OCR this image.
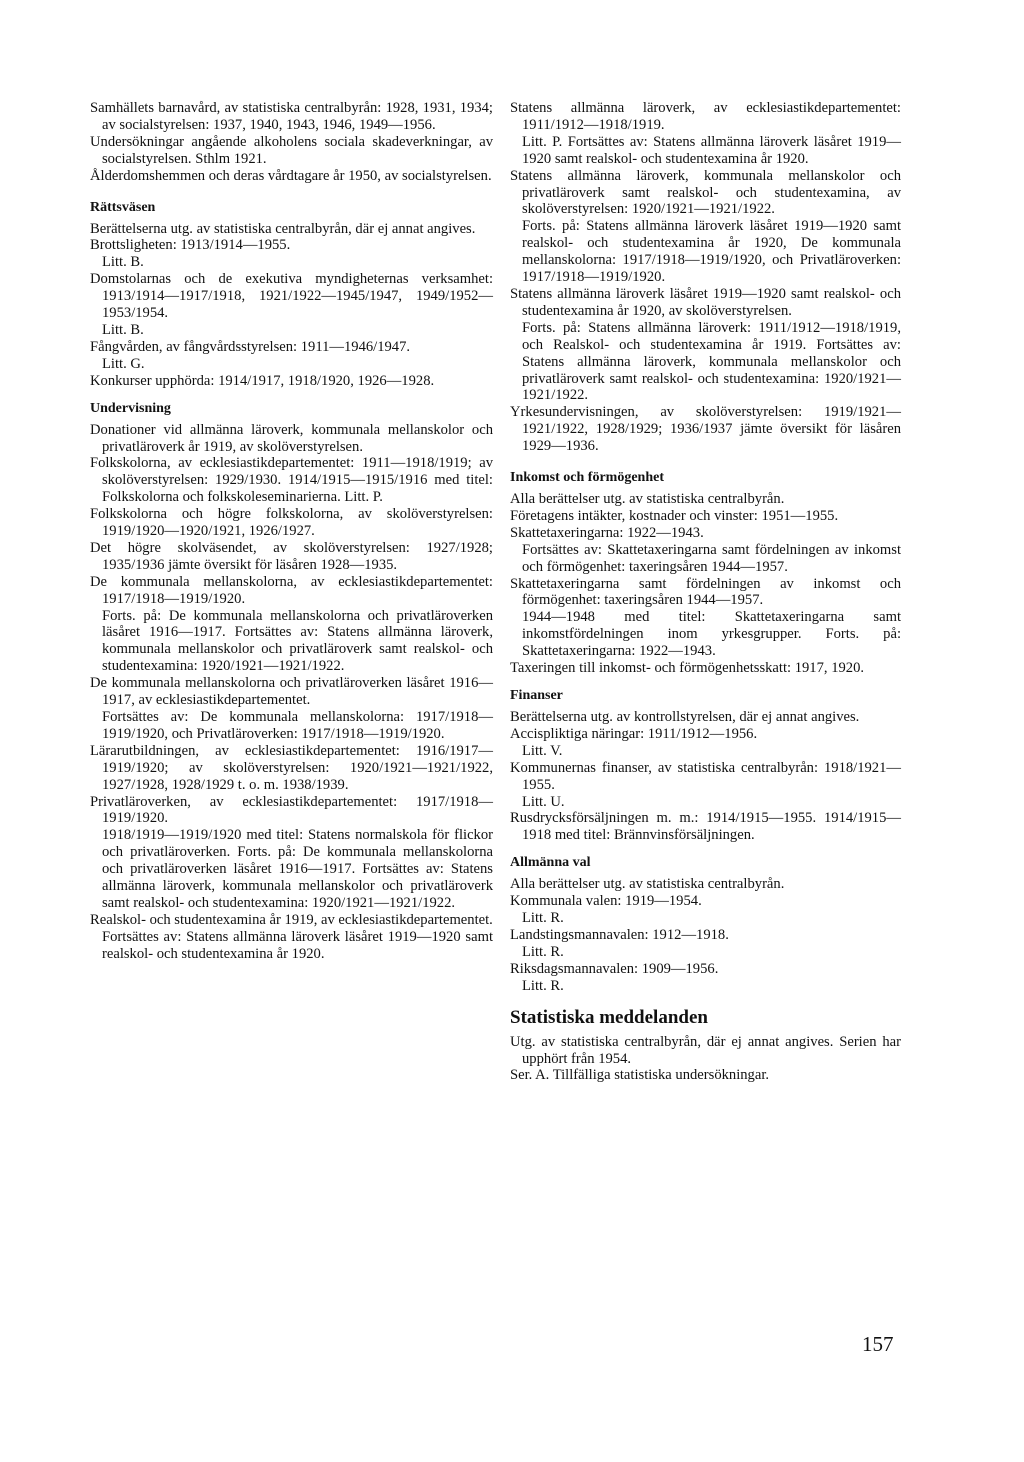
Samhällets barnavård, av statistiska centralbyrån: 1928, 1931, 1934; av socialstyrelsen: 1937, 1940, 1943, 1946, 1949—1956.
Undersökningar angående alkoholens sociala skadeverkningar, av socialstyrelsen. Sthlm 1921.
Ålderdomshemmen och deras vårdtagare år 1950, av socialstyrelsen.
Rättsväsen
Berättelserna utg. av statistiska centralbyrån, där ej annat angives.
Brottsligheten: 1913/1914—1955.
Litt. B.
Domstolarnas och de exekutiva myndigheternas verksamhet: 1913/1914—1917/1918, 1921/1922—1945/1947, 1949/1952—1953/1954.
Litt. B.
Fångvården, av fångvårdsstyrelsen: 1911—1946/1947.
Litt. G.
Konkurser upphörda: 1914/1917, 1918/1920, 1926—1928.
Undervisning
Donationer vid allmänna läroverk, kommunala mellanskolor och privatläroverk år 1919, av skolöverstyrelsen.
Folkskolorna, av ecklesiastikdepartementet: 1911—1918/1919; av skolöverstyrelsen: 1929/1930. 1914/1915—1915/1916 med titel: Folkskolorna och folkskoleseminarierna. Litt. P.
Folkskolorna och högre folkskolorna, av skolöverstyrelsen: 1919/1920—1920/1921, 1926/1927.
Det högre skolväsendet, av skolöverstyrelsen: 1927/1928; 1935/1936 jämte översikt för läsåren 1928—1935.
De kommunala mellanskolorna, av ecklesiastikdepartementet: 1917/1918—1919/1920.
Forts. på: De kommunala mellanskolorna och privatläroverken läsåret 1916—1917. Fortsättes av: Statens allmänna läroverk, kommunala mellanskolor och privatläroverk samt realskol- och studentexamina: 1920/1921—1921/1922.
De kommunala mellanskolorna och privatläroverken läsåret 1916—1917, av ecklesiastikdepartementet.
Fortsättes av: De kommunala mellanskolorna: 1917/1918—1919/1920, och Privatläroverken: 1917/1918—1919/1920.
Lärarutbildningen, av ecklesiastikdepartementet: 1916/1917—1919/1920; av skolöverstyrelsen: 1920/1921—1921/1922, 1927/1928, 1928/1929 t. o. m. 1938/1939.
Privatläroverken, av ecklesiastikdepartementet: 1917/1918—1919/1920.
1918/1919—1919/1920 med titel: Statens normalskola för flickor och privatläroverken. Forts. på: De kommunala mellanskolorna och privatläroverken läsåret 1916—1917. Fortsättes av: Statens allmänna läroverk, kommunala mellanskolor och privatläroverk samt realskol- och studentexamina: 1920/1921—1921/1922.
Realskol- och studentexamina år 1919, av ecklesiastikdepartementet.
Fortsättes av: Statens allmänna läroverk läsåret 1919—1920 samt realskol- och studentexamina år 1920.
Statens allmänna läroverk, av ecklesiastikdepartementet: 1911/1912—1918/1919.
Litt. P. Fortsättes av: Statens allmänna läroverk läsåret 1919—1920 samt realskol- och studentexamina år 1920.
Statens allmänna läroverk, kommunala mellanskolor och privatläroverk samt realskol- och studentexamina, av skolöverstyrelsen: 1920/1921—1921/1922.
Forts. på: Statens allmänna läroverk läsåret 1919—1920 samt realskol- och studentexamina år 1920, De kommunala mellanskolorna: 1917/1918—1919/1920, och Privatläroverken: 1917/1918—1919/1920.
Statens allmänna läroverk läsåret 1919—1920 samt realskol- och studentexamina år 1920, av skolöverstyrelsen.
Forts. på: Statens allmänna läroverk: 1911/1912—1918/1919, och Realskol- och studentexamina år 1919. Fortsättes av: Statens allmänna läroverk, kommunala mellanskolor och privatläroverk samt realskol- och studentexamina: 1920/1921—1921/1922.
Yrkesundervisningen, av skolöverstyrelsen: 1919/1921—1921/1922, 1928/1929; 1936/1937 jämte översikt för läsåren 1929—1936.
Inkomst och förmögenhet
Alla berättelser utg. av statistiska centralbyrån.
Företagens intäkter, kostnader och vinster: 1951—1955.
Skattetaxeringarna: 1922—1943.
Fortsättes av: Skattetaxeringarna samt fördelningen av inkomst och förmögenhet: taxeringsåren 1944—1957.
Skattetaxeringarna samt fördelningen av inkomst och förmögenhet: taxeringsåren 1944—1957.
1944—1948 med titel: Skattetaxeringarna samt inkomstfördelningen inom yrkesgrupper. Forts. på: Skattetaxeringarna: 1922—1943.
Taxeringen till inkomst- och förmögenhetsskatt: 1917, 1920.
Finanser
Berättelserna utg. av kontrollstyrelsen, där ej annat angives.
Accispliktiga näringar: 1911/1912—1956.
Litt. V.
Kommunernas finanser, av statistiska centralbyrån: 1918/1921—1955.
Litt. U.
Rusdrycksförsäljningen m. m.: 1914/1915—1955. 1914/1915—1918 med titel: Brännvinsförsäljningen.
Allmänna val
Alla berättelser utg. av statistiska centralbyrån.
Kommunala valen: 1919—1954.
Litt. R.
Landstingsmannavalen: 1912—1918.
Litt. R.
Riksdagsmannavalen: 1909—1956.
Litt. R.
Statistiska meddelanden
Utg. av statistiska centralbyrån, där ej annat angives. Serien har upphört från 1954.
Ser. A. Tillfälliga statistiska undersökningar.
157
